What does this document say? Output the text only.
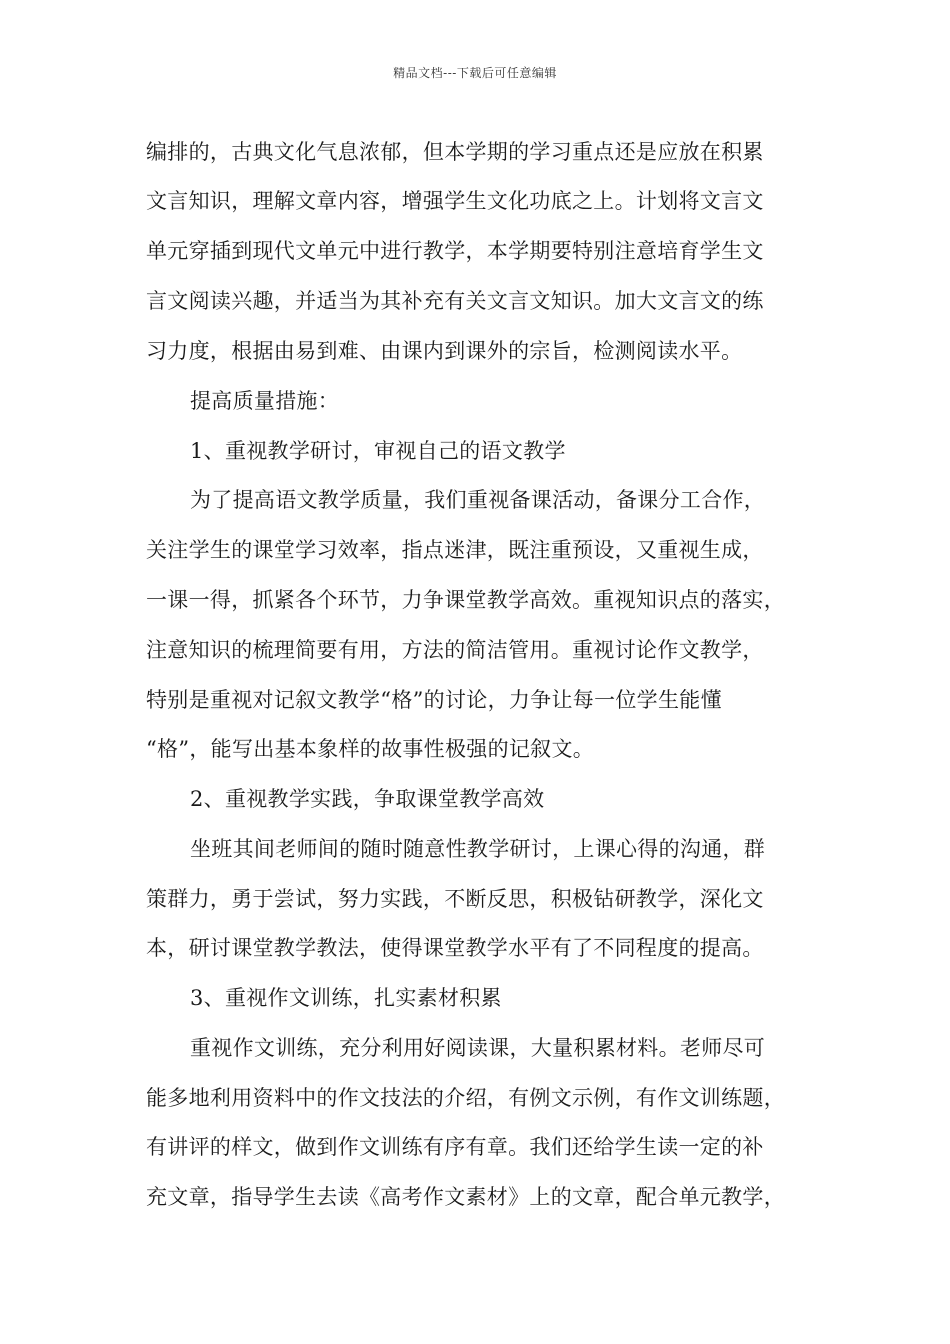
精品文档---下载后可任意编辑
编排的，古典文化气息浓郁，但本学期的学习重点还是应放在积累
文言知识，理解文章内容，增强学生文化功底之上。计划将文言文
单元穿插到现代文单元中进行教学，本学期要特别注意培育学生文
言文阅读兴趣，并适当为其补充有关文言文知识。加大文言文的练
习力度，根据由易到难、由课内到课外的宗旨，检测阅读水平。
提高质量措施：
1、重视教学研讨，审视自己的语文教学
为了提高语文教学质量，我们重视备课活动，备课分工合作，
关注学生的课堂学习效率，指点迷津，既注重预设，又重视生成，
一课一得，抓紧各个环节，力争课堂教学高效。重视知识点的落实，
注意知识的梳理简要有用，方法的简洁管用。重视讨论作文教学，
特别是重视对记叙文教学“格”的讨论，力争让每一位学生能懂
“格”，能写出基本象样的故事性极强的记叙文。
2、重视教学实践，争取课堂教学高效
坐班其间老师间的随时随意性教学研讨，上课心得的沟通，群
策群力，勇于尝试，努力实践，不断反思，积极钻研教学，深化文
本，研讨课堂教学教法，使得课堂教学水平有了不同程度的提高。
3、重视作文训练，扎实素材积累
重视作文训练，充分利用好阅读课，大量积累材料。老师尽可
能多地利用资料中的作文技法的介绍，有例文示例，有作文训练题，
有讲评的样文，做到作文训练有序有章。我们还给学生读一定的补
充文章，指导学生去读《高考作文素材》上的文章，配合单元教学，
